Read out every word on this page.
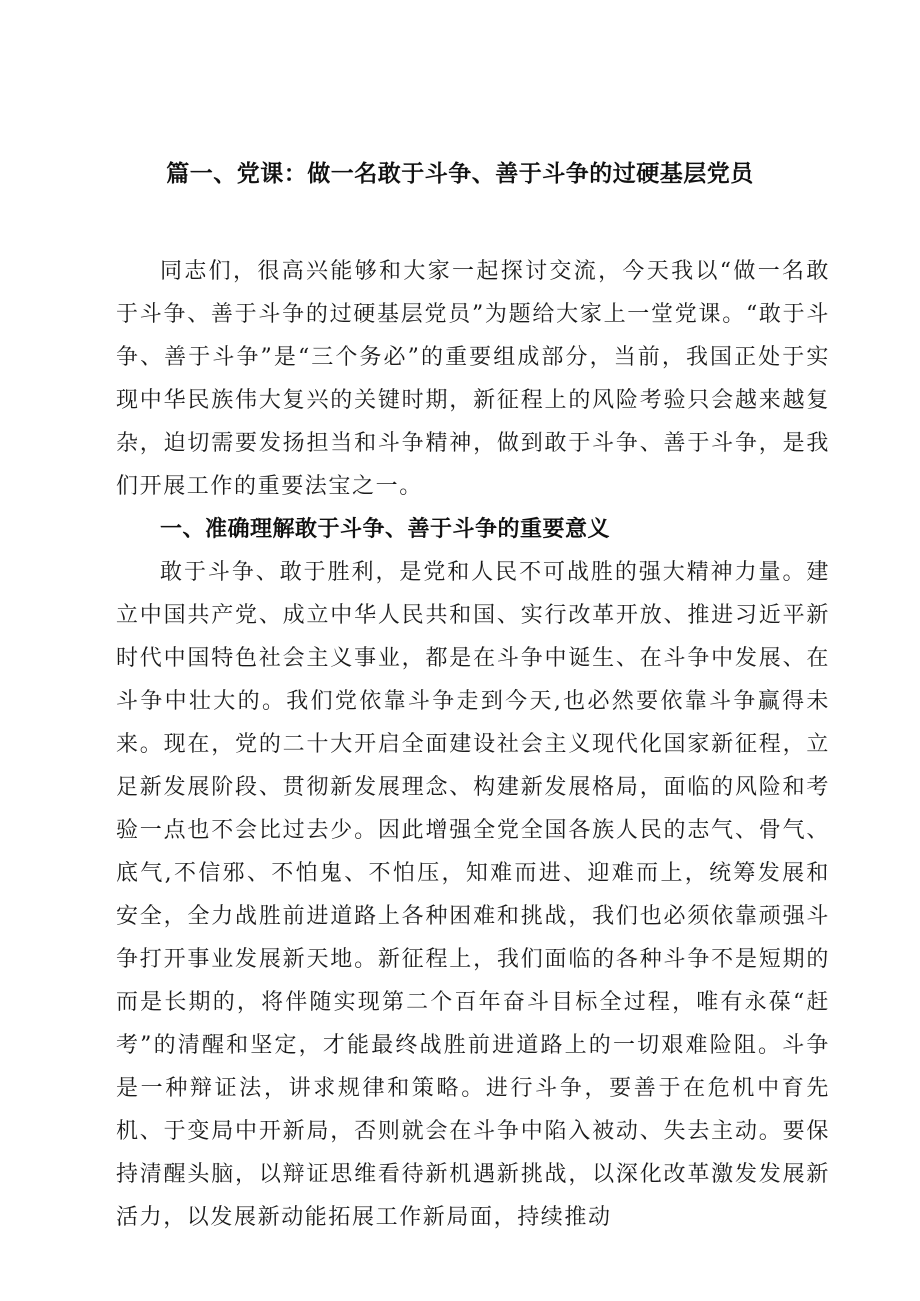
篇一、党课：做一名敢于斗争、善于斗争的过硬基层党员

同志们，很高兴能够和大家一起探讨交流，今天我以“做一名敢于斗争、善于斗争的过硬基层党员”为题给大家上一堂党课。“敢于斗争、善于斗争”是“三个务必”的重要组成部分，当前，我国正处于实现中华民族伟大复兴的关键时期，新征程上的风险考验只会越来越复杂，迫切需要发扬担当和斗争精神，做到敢于斗争、善于斗争，是我们开展工作的重要法宝之一。

一、准确理解敢于斗争、善于斗争的重要意义

敢于斗争、敢于胜利，是党和人民不可战胜的强大精神力量。建立中国共产党、成立中华人民共和国、实行改革开放、推进习近平新时代中国特色社会主义事业，都是在斗争中诞生、在斗争中发展、在斗争中壮大的。我们党依靠斗争走到今天,也必然要依靠斗争赢得未来。现在，党的二十大开启全面建设社会主义现代化国家新征程，立足新发展阶段、贯彻新发展理念、构建新发展格局，面临的风险和考验一点也不会比过去少。因此增强全党全国各族人民的志气、骨气、底气,不信邪、不怕鬼、不怕压，知难而进、迎难而上，统筹发展和安全，全力战胜前进道路上各种困难和挑战，我们也必须依靠顽强斗争打开事业发展新天地。新征程上，我们面临的各种斗争不是短期的而是长期的，将伴随实现第二个百年奋斗目标全过程，唯有永葆“赶考”的清醒和坚定，才能最终战胜前进道路上的一切艰难险阻。斗争是一种辩证法，讲求规律和策略。进行斗争，要善于在危机中育先机、于变局中开新局，否则就会在斗争中陷入被动、失去主动。要保持清醒头脑，以辩证思维看待新机遇新挑战，以深化改革激发发展新活力，以发展新动能拓展工作新局面，持续推动
